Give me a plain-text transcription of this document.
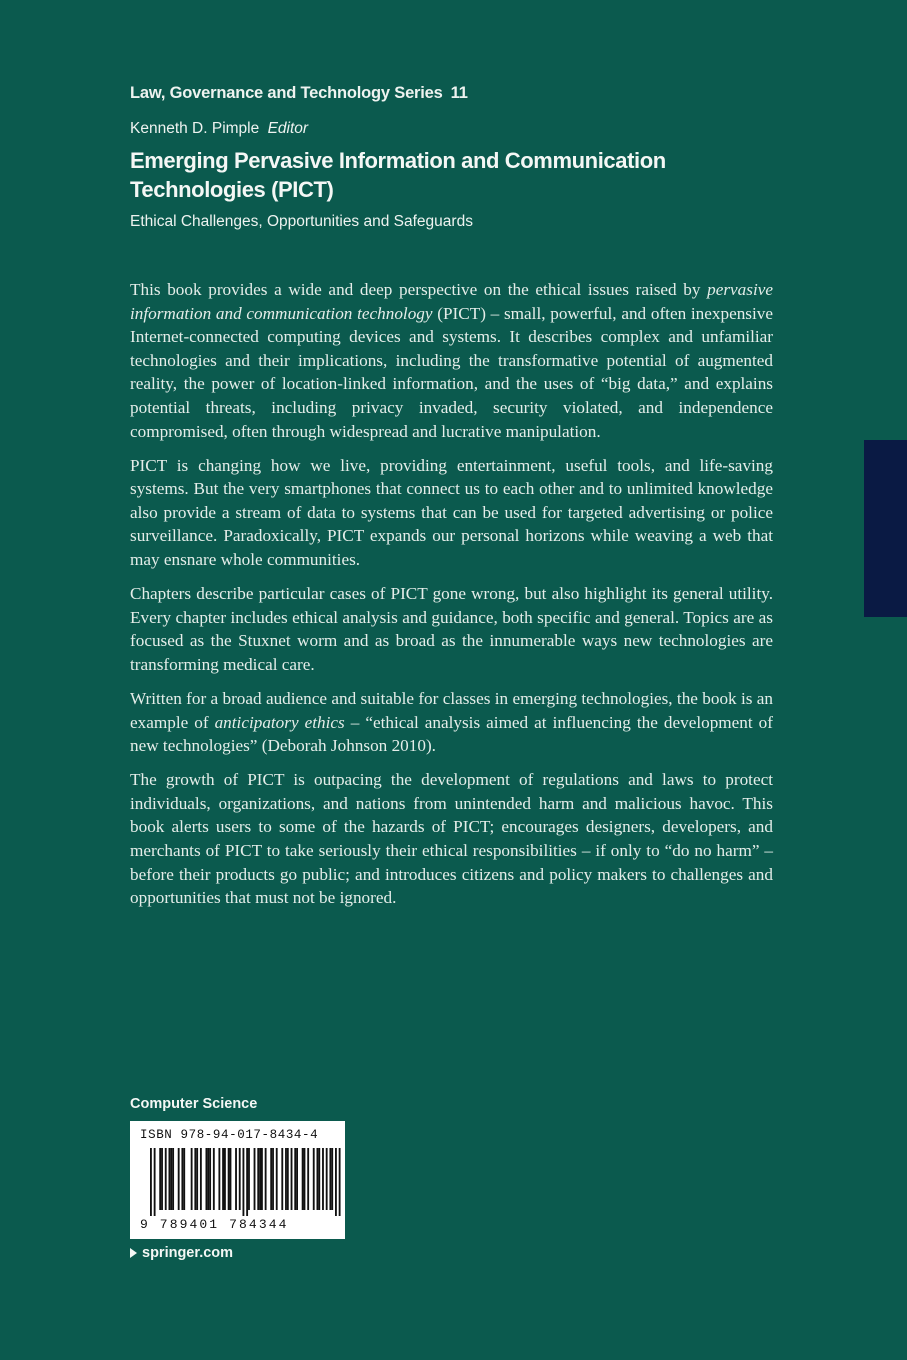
Law, Governance and Technology Series 11
Kenneth D. Pimple Editor
Emerging Pervasive Information and Communication Technologies (PICT)
Ethical Challenges, Opportunities and Safeguards

This book provides a wide and deep perspective on the ethical issues raised by pervasive information and communication technology (PICT) – small, powerful, and often inexpensive Internet-connected computing devices and systems. It describes complex and unfamiliar technologies and their implications, including the transformative potential of augmented reality, the power of location-linked information, and the uses of “big data,” and explains potential threats, including privacy invaded, security violated, and independence compromised, often through widespread and lucrative manipulation.

PICT is changing how we live, providing entertainment, useful tools, and life-saving systems. But the very smartphones that connect us to each other and to unlimited knowledge also provide a stream of data to systems that can be used for targeted advertising or police surveillance. Paradoxically, PICT expands our personal horizons while weaving a web that may ensnare whole communities.

Chapters describe particular cases of PICT gone wrong, but also highlight its general utility. Every chapter includes ethical analysis and guidance, both specific and general. Topics are as focused as the Stuxnet worm and as broad as the innumerable ways new technologies are transforming medical care.

Written for a broad audience and suitable for classes in emerging technologies, the book is an example of anticipatory ethics – “ethical analysis aimed at influencing the development of new technologies” (Deborah Johnson 2010).

The growth of PICT is outpacing the development of regulations and laws to protect individuals, organizations, and nations from unintended harm and malicious havoc. This book alerts users to some of the hazards of PICT; encourages designers, developers, and merchants of PICT to take seriously their ethical responsibilities – if only to “do no harm” – before their products go public; and introduces citizens and policy makers to challenges and opportunities that must not be ignored.

Computer Science
ISBN 978-94-017-8434-4
9 789401 784344
springer.com
